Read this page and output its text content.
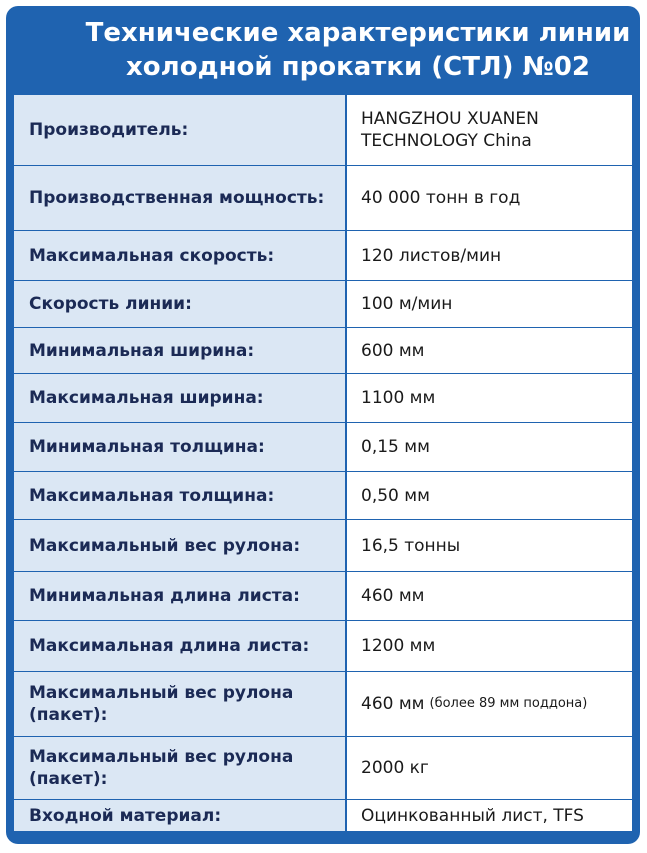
Технические характеристики линии
холодной прокатки (СТЛ) №02
Производитель:
HANGZHOU XUANEN TECHNOLOGY China
Производственная мощность:	40 000 тонн в год
Максимальная скорость:	120 листов/мин
Скорость линии:	100 м/мин
Минимальная ширина:	600 мм
Максимальная ширина:	1100 мм
Минимальная толщина:	0,15 мм
Максимальная толщина:	0,50 мм
Максимальный вес рулона:	16,5 тонны
Минимальная длина листа:	460 мм
Максимальная длина листа:	1200 мм
Максимальный вес рулона (пакет):
460 мм (более 89 мм поддона)
Максимальный вес рулона (пакет):
2000 кг
Входной материал:	Оцинкованный лист, TFS
